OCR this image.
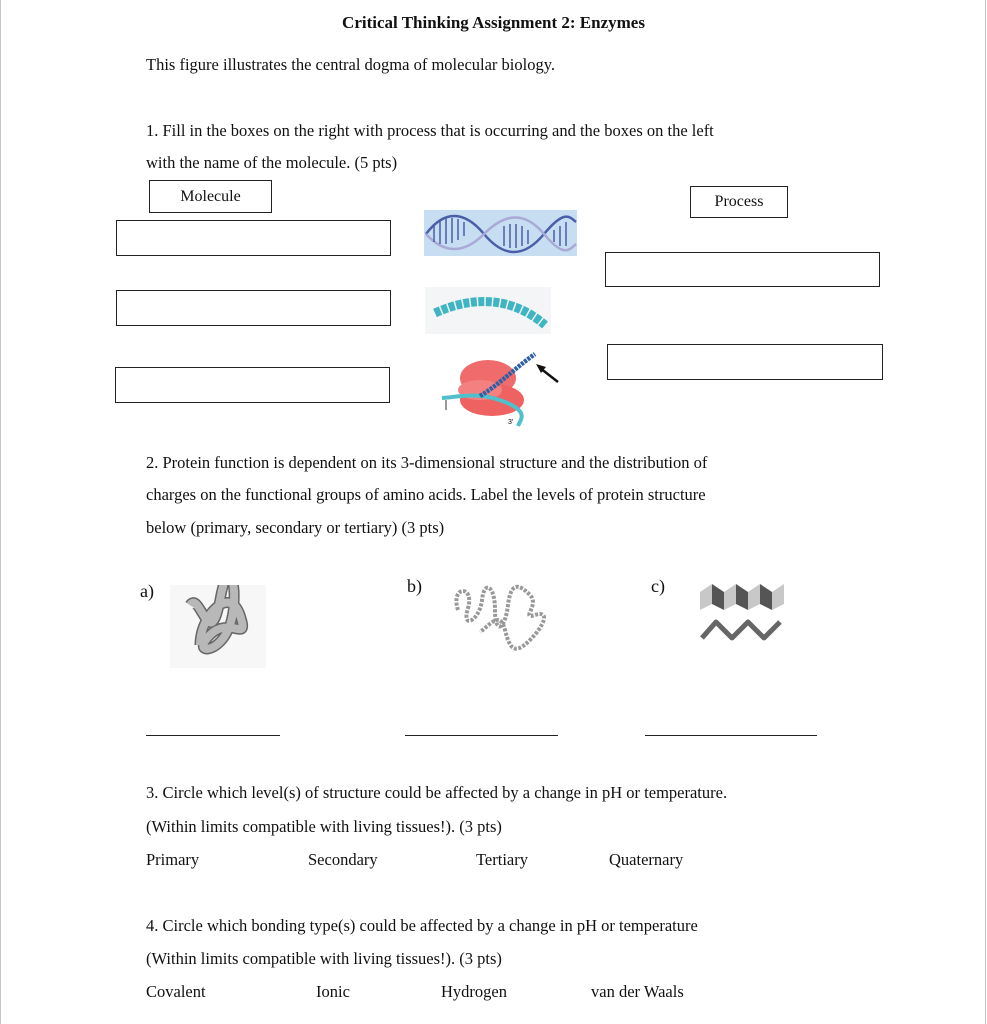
Critical Thinking Assignment 2: Enzymes
This figure illustrates the central dogma of molecular biology.
1. Fill in the boxes on the right with process that is occurring and the boxes on the left
with the name of the molecule. (5 pts)
Molecule	Process
3'
2. Protein function is dependent on its 3-dimensional structure and the distribution of
charges on the functional groups of amino acids. Label the levels of protein structure
below (primary, secondary or tertiary) (3 pts)
a)	b)	c)
3. Circle which level(s) of structure could be affected by a change in pH or temperature.
(Within limits compatible with living tissues!). (3 pts)
Primary	Secondary	Tertiary	Quaternary
4. Circle which bonding type(s) could be affected by a change in pH or temperature
(Within limits compatible with living tissues!). (3 pts)
Covalent	Ionic	Hydrogen	van der Waals
